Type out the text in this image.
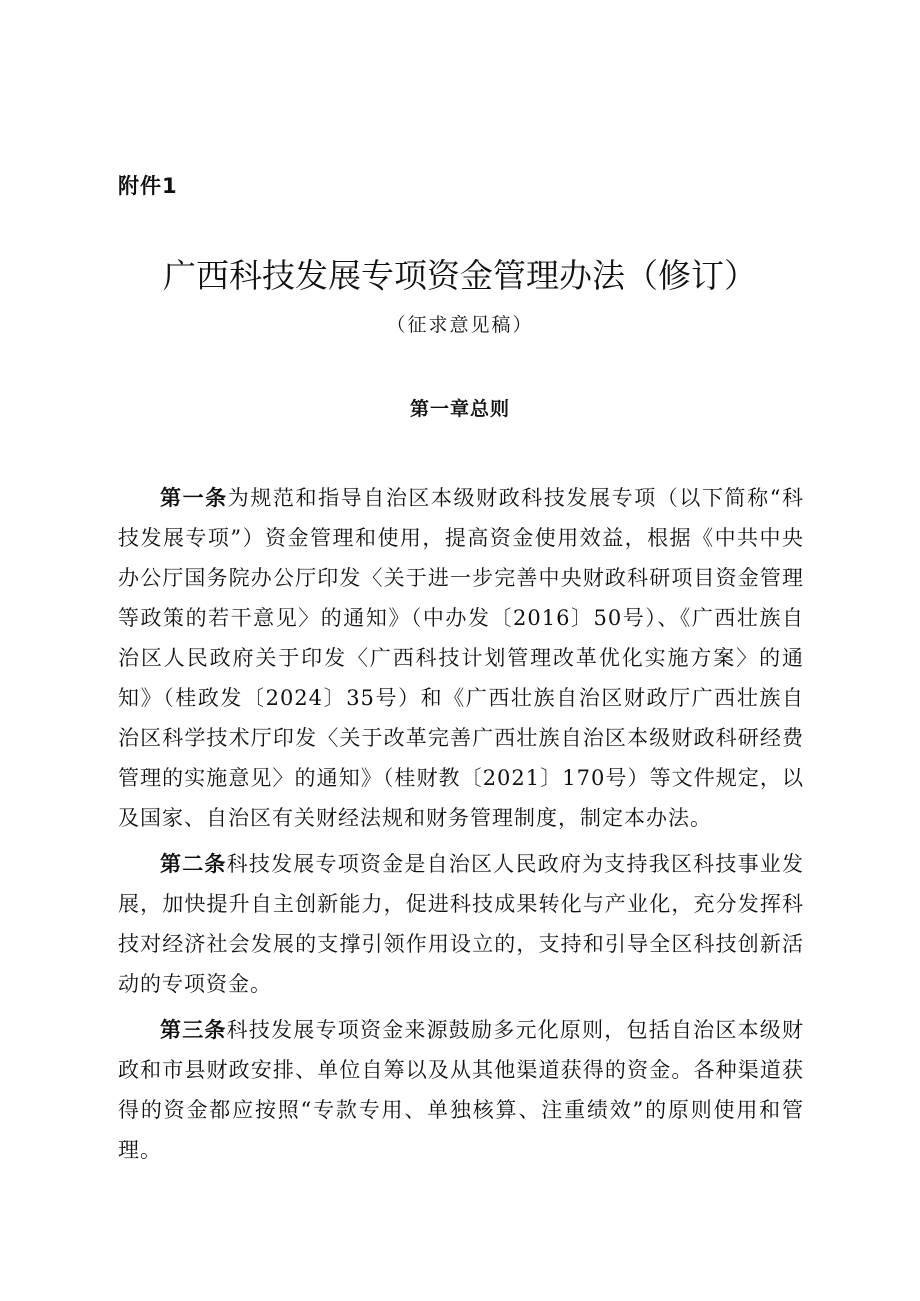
附件1
广西科技发展专项资金管理办法（修订）
（征求意见稿）
第一章总则

第一条为规范和指导自治区本级财政科技发展专项（以下简称“科技发展专项”）资金管理和使用，提高资金使用效益，根据《中共中央办公厅国务院办公厅印发〈关于进一步完善中央财政科研项目资金管理等政策的若干意见〉的通知》（中办发〔2016〕50号）、《广西壮族自治区人民政府关于印发〈广西科技计划管理改革优化实施方案〉的通知》（桂政发〔2024〕35号）和《广西壮族自治区财政厅广西壮族自治区科学技术厅印发〈关于改革完善广西壮族自治区本级财政科研经费管理的实施意见〉的通知》（桂财教〔2021〕170号）等文件规定，以及国家、自治区有关财经法规和财务管理制度，制定本办法。

第二条科技发展专项资金是自治区人民政府为支持我区科技事业发展，加快提升自主创新能力，促进科技成果转化与产业化，充分发挥科技对经济社会发展的支撑引领作用设立的，支持和引导全区科技创新活动的专项资金。

第三条科技发展专项资金来源鼓励多元化原则，包括自治区本级财政和市县财政安排、单位自筹以及从其他渠道获得的资金。各种渠道获得的资金都应按照“专款专用、单独核算、注重绩效”的原则使用和管理。
